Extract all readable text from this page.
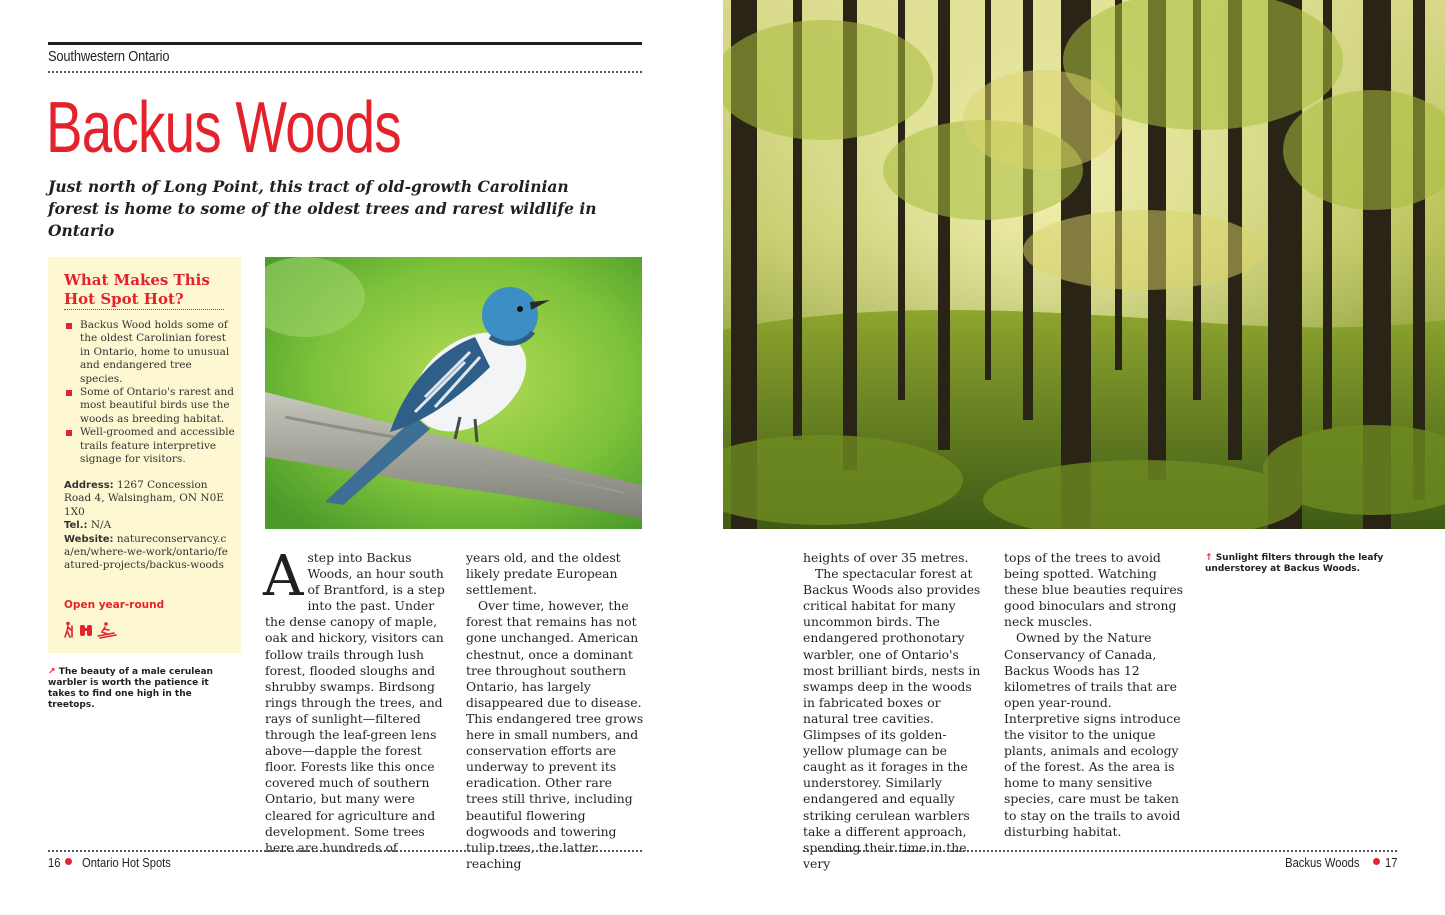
Southwestern Ontario
Backus Woods
Just north of Long Point, this tract of old-growth Carolinian forest is home to some of the oldest trees and rarest wildlife in Ontario
What Makes This Hot Spot Hot?
Backus Wood holds some of the oldest Carolinian forest in Ontario, home to unusual and endangered tree species.
Some of Ontario's rarest and most beautiful birds use the woods as breeding habitat.
Well-groomed and accessible trails feature interpretive signage for visitors.
Address: 1267 Concession Road 4, Walsingham, ON N0E 1X0
Tel.: N/A
Website: natureconservancy.ca/en/where-we-work/ontario/featured-projects/backus-woods
Open year-round
↗ The beauty of a male cerulean warbler is worth the patience it takes to find one high in the treetops.
↑ Sunlight filters through the leafy understorey at Backus Woods.
A step into Backus Woods, an hour south of Brantford, is a step into the past. Under the dense canopy of maple, oak and hickory, visitors can follow trails through lush forest, flooded sloughs and shrubby swamps. Birdsong rings through the trees, and rays of sunlight—filtered through the leaf-green lens above—dapple the forest floor. Forests like this once covered much of southern Ontario, but many were cleared for agriculture and development. Some trees here are hundreds of

years old, and the oldest likely predate European settlement.

Over time, however, the forest that remains has not gone unchanged. American chestnut, once a dominant tree throughout southern Ontario, has largely disappeared due to disease. This endangered tree grows here in small numbers, and conservation efforts are underway to prevent its eradication. Other rare trees still thrive, including beautiful flowering dogwoods and towering tulip trees, the latter reaching

heights of over 35 metres.

The spectacular forest at Backus Woods also provides critical habitat for many uncommon birds. The endangered prothonotary warbler, one of Ontario's most brilliant birds, nests in swamps deep in the woods in fabricated boxes or natural tree cavities. Glimpses of its golden-yellow plumage can be caught as it forages in the understorey. Similarly endangered and equally striking cerulean warblers take a different approach, spending their time in the very

tops of the trees to avoid being spotted. Watching these blue beauties requires good binoculars and strong neck muscles.

Owned by the Nature Conservancy of Canada, Backus Woods has 12 kilometres of trails that are open year-round. Interpretive signs introduce the visitor to the unique plants, animals and ecology of the forest. As the area is home to many sensitive species, care must be taken to stay on the trails to avoid disturbing habitat.

16 Ontario Hot Spots	Backus Woods 17
